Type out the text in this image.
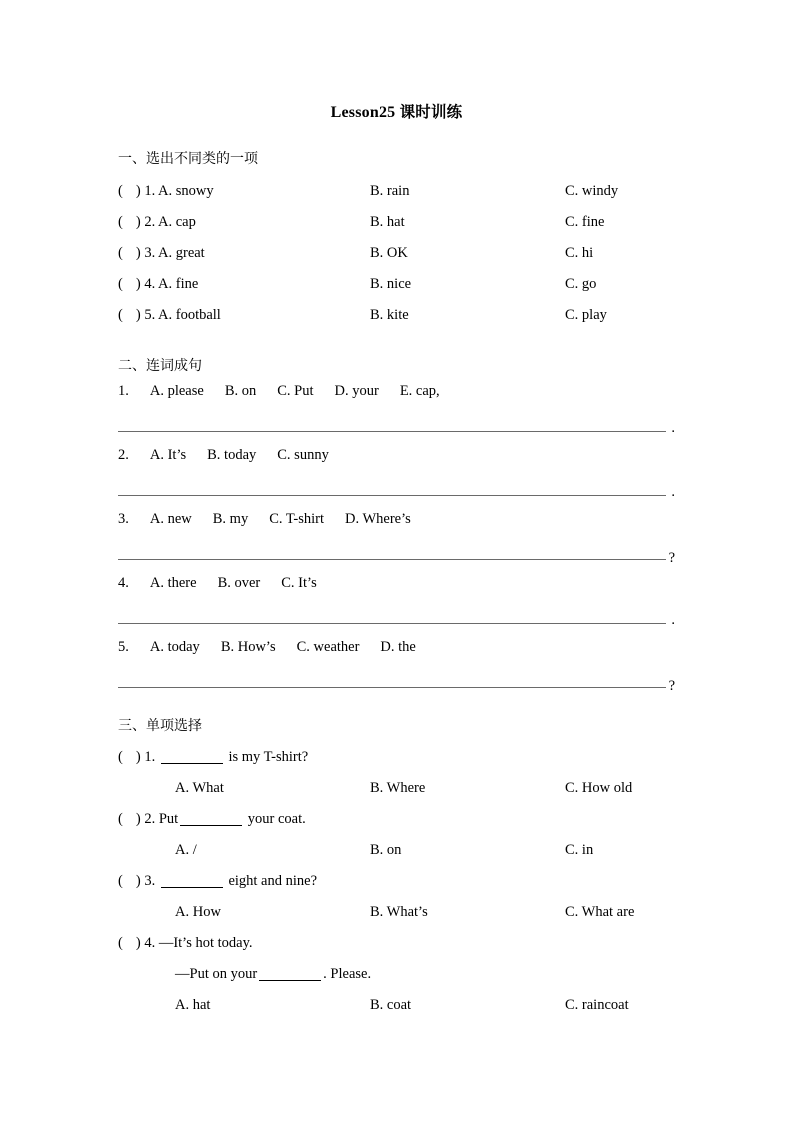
Lesson25 课时训练
一、选出不同类的一项
(  ) 1. A. snowy	B. rain	C. windy
(  ) 2. A. cap	B. hat	C. fine
(  ) 3. A. great	B. OK	C. hi
(  ) 4. A. fine	B. nice	C. go
(  ) 5. A. football	B. kite	C. play
二、连词成句
1. A. please B. on C. Put D. your E. cap,
.
2. A. It’s B. today C. sunny
.
3. A. new B. my C. T-shirt D. Where’s
?
4. A. there B. over C. It’s
.
5. A. today B. How’s C. weather D. the
?
三、单项选择
(  ) 1.	is my T-shirt?
A. What	B. Where	C. How old
(  ) 2. Put	your coat.
A. /	B. on	C. in
(  ) 3.	eight and nine?
A. How	B. What’s	C. What are
(  ) 4. —It’s hot today.
—Put on your	. Please.
A. hat	B. coat	C. raincoat
